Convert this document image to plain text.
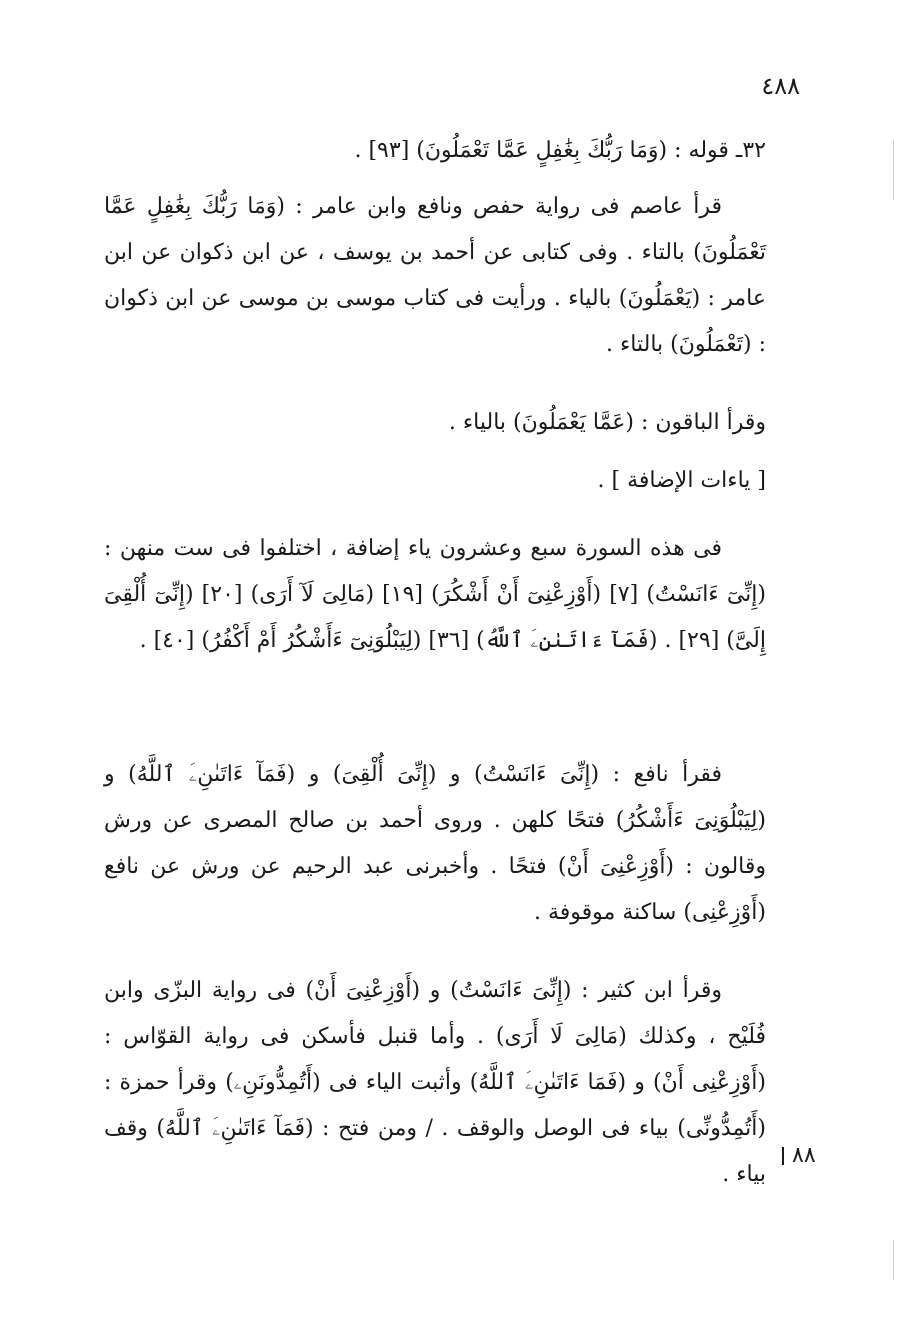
٤٨٨
٣٢ـ قوله : (وَمَا رَبُّكَ بِغَٰفِلٍ عَمَّا تَعْمَلُونَ) [٩٣] .
قرأ عاصم فى رواية حفص ونافع وابن عامر : (وَمَا رَبُّكَ بِغَٰفِلٍ عَمَّا تَعْمَلُونَ) بالتاء . وفى كتابى عن أحمد بن يوسف ، عن ابن ذكوان عن ابن عامر : (يَعْمَلُونَ) بالياء . ورأيت فى كتاب موسى بن موسى عن ابن ذكوان : (تَعْمَلُونَ) بالتاء .
وقرأ الباقون : (عَمَّا يَعْمَلُونَ) بالياء .
[ ياءات الإضافة ] .
فى هذه السورة سبع وعشرون ياء إضافة ، اختلفوا فى ست منهن : (إِنِّىٓ ءَانَسْتُ) [٧] (أَوْزِعْنِىٓ أَنْ أَشْكُرَ) [١٩] (مَالِىَ لَآ أَرَى) [٢٠] (إِنِّىٓ أُلْقِىَ إِلَىَّ) [٢٩] . (فَمَآ ءَاتَىٰنِۦَ ٱللَّهُ) [٣٦] (لِيَبْلُوَنِىٓ ءَأَشْكُرُ أَمْ أَكْفُرُ) [٤٠] .
فقرأ نافع : (إِنِّىَ ءَانَسْتُ) و (إِنِّىَ أُلْقِىَ) و (فَمَآ ءَاتَىٰنِۦَ ٱللَّهُ) و (لِيَبْلُوَنِىَ ءَأَشْكُرُ) فتحًا كلهن . وروى أحمد بن صالح المصرى عن ورش وقالون : (أَوْزِعْنِىَ أَنْ) فتحًا . وأخبرنى عبد الرحيم عن ورش عن نافع (أَوْزِعْنِى) ساكنة موقوفة .
وقرأ ابن كثير : (إِنِّىَ ءَانَسْتُ) و (أَوْزِعْنِىَ أَنْ) فى رواية البزّى وابن فُلَيْح ، وكذلك (مَالِىَ لَا أَرَى) . وأما قنبل فأسكن فى رواية القوّاس : (أَوْزِعْنِى أَنْ) و (فَمَا ءَاتَىٰنِۦَ ٱللَّهُ) وأثبت الياء فى (أَتُمِدُّونَنِۦ) وقرأ حمزة : (أَتُمِدُّونِّى) بياء فى الوصل والوقف . / ومن فتح : (فَمَآ ءَاتَىٰنِۦَ ٱللَّهُ) وقف بياء .
٨٨
